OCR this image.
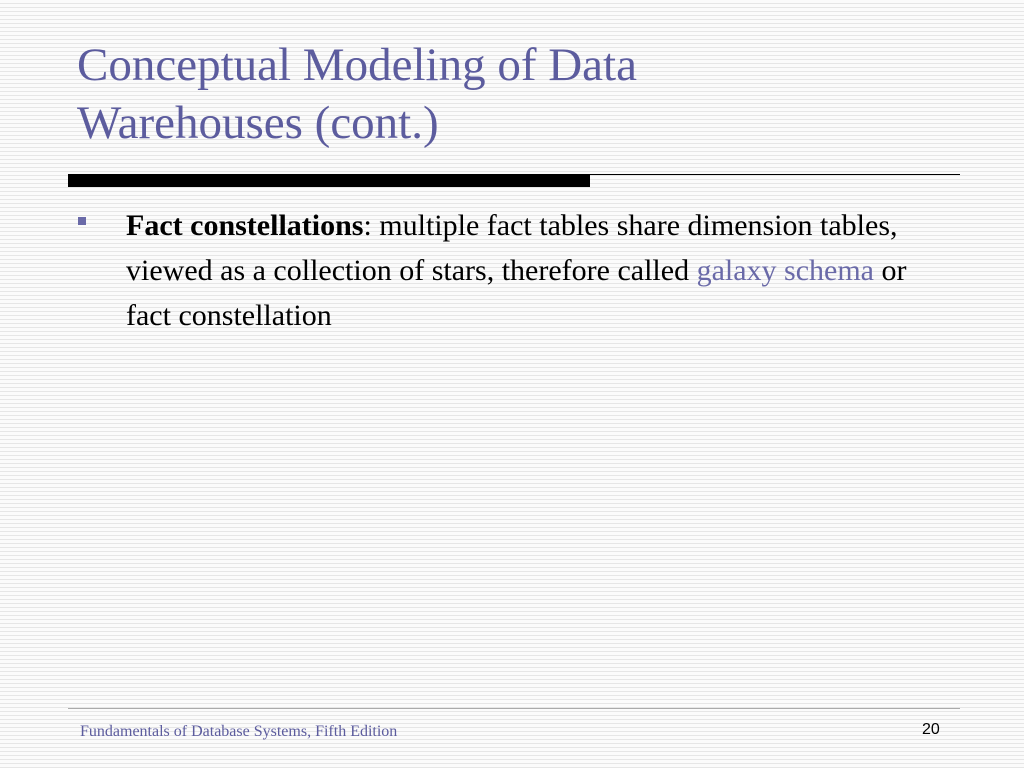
Conceptual Modeling of Data
Warehouses (cont.)
Fact constellations: multiple fact tables share dimension tables, viewed as a collection of stars, therefore called galaxy schema or fact constellation
Fundamentals of Database Systems, Fifth Edition	20
